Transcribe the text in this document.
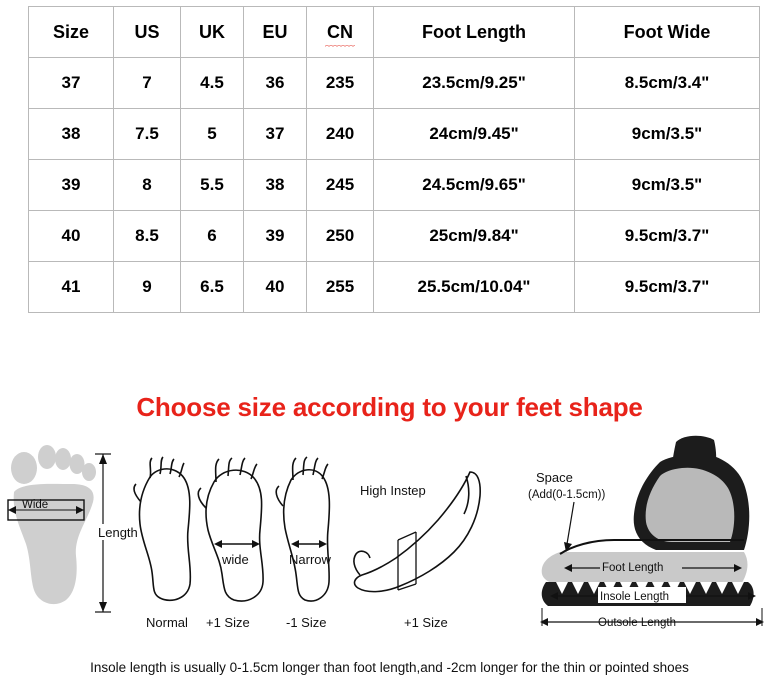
Size	US	UK	EU	CN	Foot Length	Foot Wide
37	7	4.5	36	235	23.5cm/9.25"	8.5cm/3.4"
38	7.5	5	37	240	24cm/9.45"	9cm/3.5"
39	8	5.5	38	245	24.5cm/9.65"	9cm/3.5"
40	8.5	6	39	250	25cm/9.84"	9.5cm/3.7"
41	9	6.5	40	255	25.5cm/10.04"	9.5cm/3.7"
Choose size according to your feet shape
Wide
Length
Normal
wide
+1 Size
Narrow
-1 Size
High Instep
+1 Size
Space
(Add(0-1.5cm))
Foot Length
Insole Length
Outsole Length
Insole length is usually 0-1.5cm longer than foot length,and -2cm longer for the thin or pointed shoes
